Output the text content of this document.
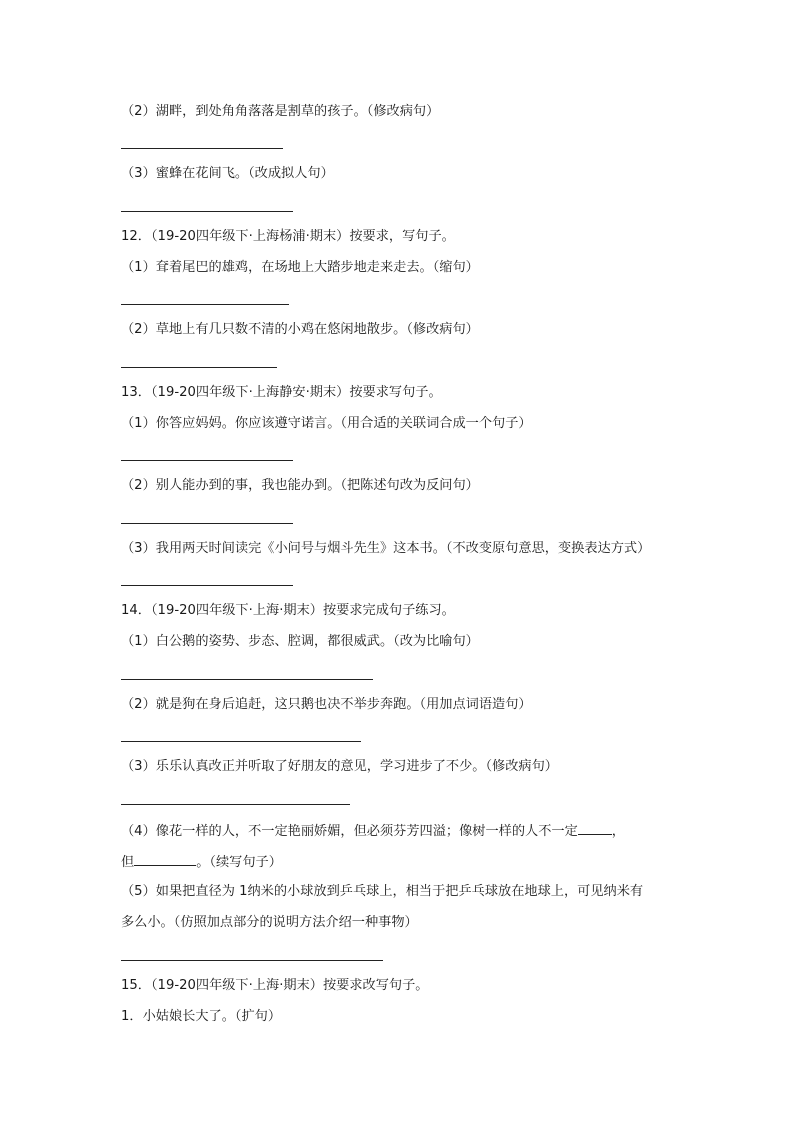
（2）湖畔，到处角角落落是割草的孩子。（修改病句）
（3）蜜蜂在花间飞。（改成拟人句）
12．（19-20四年级下·上海杨浦·期末）按要求，写句子。
（1）耷着尾巴的雄鸡，在场地上大踏步地走来走去。（缩句）
（2）草地上有几只数不清的小鸡在悠闲地散步。（修改病句）
13．（19-20四年级下·上海静安·期末）按要求写句子。
（1）你答应妈妈。你应该遵守诺言。（用合适的关联词合成一个句子）
（2）别人能办到的事，我也能办到。（把陈述句改为反问句）
（3）我用两天时间读完《小问号与烟斗先生》这本书。（不改变原句意思，变换表达方式）
14．（19-20四年级下·上海·期末）按要求完成句子练习。
（1）白公鹅的姿势、步态、腔调，都很威武。（改为比喻句）
（2）就是狗在身后追赶，这只鹅也决不举步奔跑。（用加点词语造句）
（3）乐乐认真改正并听取了好朋友的意见，学习进步了不少。（修改病句）
（4）像花一样的人，不一定艳丽娇媚，但必须芬芳四溢；像树一样的人不一定	，
但	。（续写句子）
（5）如果把直径为 1纳米的小球放到乒乓球上，相当于把乒乓球放在地球上，可见纳米有
多么小。（仿照加点部分的说明方法介绍一种事物）
15．（19-20四年级下·上海·期末）按要求改写句子。
1．小姑娘长大了。（扩句）
